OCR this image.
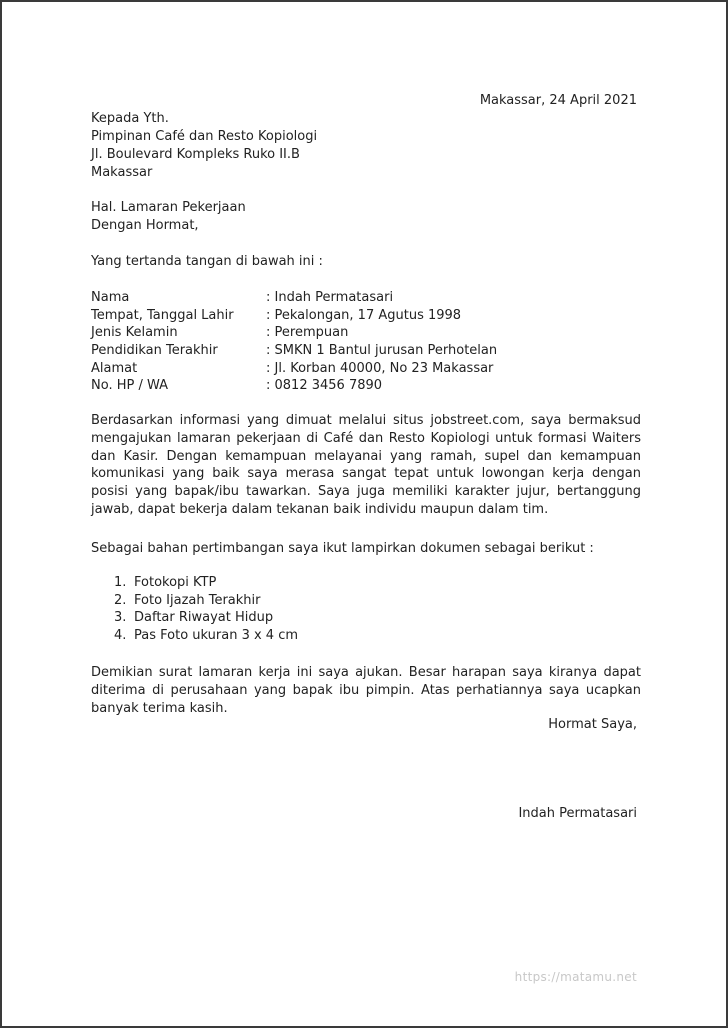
Makassar, 24 April 2021
Kepada Yth.
Pimpinan Café dan Resto Kopiologi
Jl. Boulevard Kompleks Ruko II.B
Makassar
Hal. Lamaran Pekerjaan
Dengan Hormat,
Yang tertanda tangan di bawah ini :
Nama	: Indah Permatasari
Tempat, Tanggal Lahir	: Pekalongan, 17 Agutus 1998
Jenis Kelamin	: Perempuan
Pendidikan Terakhir	: SMKN 1 Bantul jurusan Perhotelan
Alamat	: Jl. Korban 40000, No 23 Makassar
No. HP / WA	: 0812 3456 7890

Berdasarkan informasi yang dimuat melalui situs jobstreet.com, saya bermaksud mengajukan lamaran pekerjaan di Café dan Resto Kopiologi untuk formasi Waiters dan Kasir. Dengan kemampuan melayanai yang ramah, supel dan kemampuan komunikasi yang baik saya merasa sangat tepat untuk lowongan kerja dengan posisi yang bapak/ibu tawarkan. Saya juga memiliki karakter jujur, bertanggung jawab, dapat bekerja dalam tekanan baik individu maupun dalam tim.

Sebagai bahan pertimbangan saya ikut lampirkan dokumen sebagai berikut :

1. Fotokopi KTP
2. Foto Ijazah Terakhir
3. Daftar Riwayat Hidup
4. Pas Foto ukuran 3 x 4 cm

Demikian surat lamaran kerja ini saya ajukan. Besar harapan saya kiranya dapat diterima di perusahaan yang bapak ibu pimpin. Atas perhatiannya saya ucapkan banyak terima kasih.

Hormat Saya,
Indah Permatasari
https://matamu.net
